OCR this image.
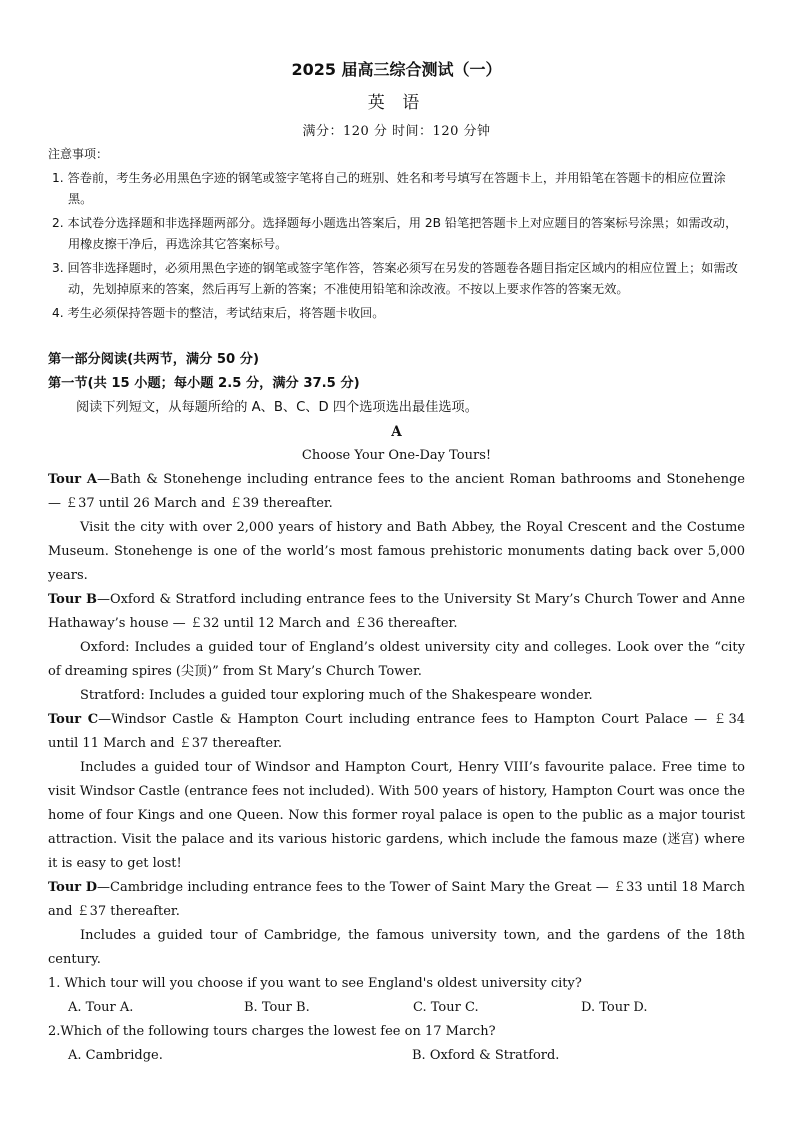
2025 届高三综合测试（一）
英 语
满分：120 分 时间：120 分钟
注意事项：
1. 答卷前，考生务必用黑色字迹的钢笔或签字笔将自己的班别、姓名和考号填写在答题卡上，并用铅笔在答题卡的相应位置涂黑。
2. 本试卷分选择题和非选择题两部分。选择题每小题选出答案后，用 2B 铅笔把答题卡上对应题目的答案标号涂黑；如需改动，用橡皮擦干净后，再选涂其它答案标号。
3. 回答非选择题时，必须用黑色字迹的钢笔或签字笔作答，答案必须写在另发的答题卷各题目指定区域内的相应位置上；如需改动，先划掉原来的答案，然后再写上新的答案；不准使用铅笔和涂改液。不按以上要求作答的答案无效。
4. 考生必须保持答题卡的整洁，考试结束后，将答题卡收回。
第一部分阅读(共两节，满分 50 分)
第一节(共 15 小题；每小题 2.5 分，满分 37.5 分)
阅读下列短文，从每题所给的 A、B、C、D 四个选项选出最佳选项。
A
Choose Your One-Day Tours!
Tour A—Bath & Stonehenge including entrance fees to the ancient Roman bathrooms and Stonehenge — ￡37 until 26 March and ￡39 thereafter.
Visit the city with over 2,000 years of history and Bath Abbey, the Royal Crescent and the Costume Museum. Stonehenge is one of the world’s most famous prehistoric monuments dating back over 5,000 years.
Tour B—Oxford & Stratford including entrance fees to the University St Mary’s Church Tower and Anne Hathaway’s house — ￡32 until 12 March and ￡36 thereafter.
Oxford: Includes a guided tour of England’s oldest university city and colleges. Look over the “city of dreaming spires (尖顶)” from St Mary’s Church Tower.
Stratford: Includes a guided tour exploring much of the Shakespeare wonder.
Tour C—Windsor Castle & Hampton Court including entrance fees to Hampton Court Palace — ￡34 until 11 March and ￡37 thereafter.
Includes a guided tour of Windsor and Hampton Court, Henry VIII’s favourite palace. Free time to visit Windsor Castle (entrance fees not included). With 500 years of history, Hampton Court was once the home of four Kings and one Queen. Now this former royal palace is open to the public as a major tourist attraction. Visit the palace and its various historic gardens, which include the famous maze (迷宫) where it is easy to get lost!
Tour D—Cambridge including entrance fees to the Tower of Saint Mary the Great — ￡33 until 18 March and ￡37 thereafter.
Includes a guided tour of Cambridge, the famous university town, and the gardens of the 18th century.
1. Which tour will you choose if you want to see England's oldest university city?
A. Tour A.	B. Tour B.	C. Tour C.	D. Tour D.
2.Which of the following tours charges the lowest fee on 17 March?
A. Cambridge.	B. Oxford & Stratford.
